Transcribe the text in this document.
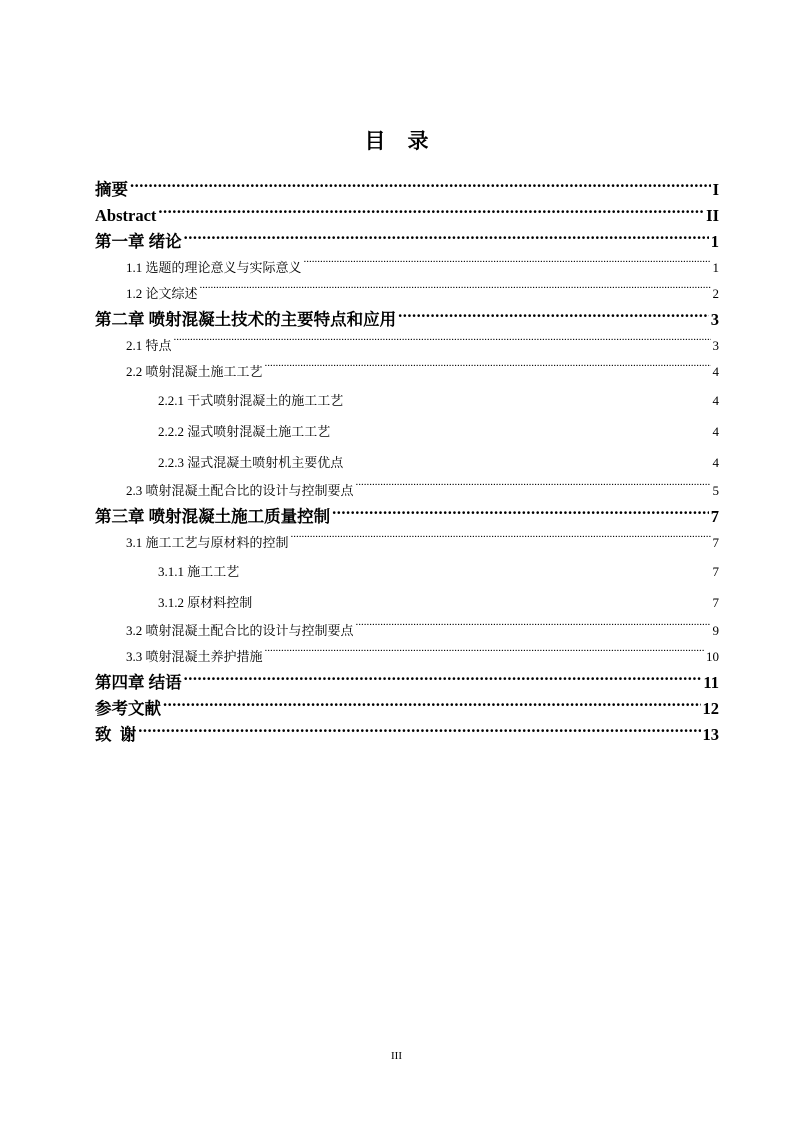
目录
摘要 .....	I
Abstract .....	II
第一章 绪论 .....	1
1.1 选题的理论意义与实际意义 .....	1
1.2 论文综述 .....	2
第二章 喷射混凝土技术的主要特点和应用 .....	3
2.1 特点 .....	3
2.2 喷射混凝土施工工艺 .....	4
2.2.1 干式喷射混凝土的施工工艺 .....	4
2.2.2 湿式喷射混凝土施工工艺 .....	4
2.2.3 湿式混凝土喷射机主要优点 .....	4
2.3 喷射混凝土配合比的设计与控制要点 .....	5
第三章 喷射混凝土施工质量控制 .....	7
3.1 施工工艺与原材料的控制 .....	7
3.1.1 施工工艺 .....	7
3.1.2 原材料控制 .....	7
3.2 喷射混凝土配合比的设计与控制要点 .....	9
3.3 喷射混凝土养护措施 .....	10
第四章 结语 .....	11
参考文献 .....	12
致  谢 .....	13
III
